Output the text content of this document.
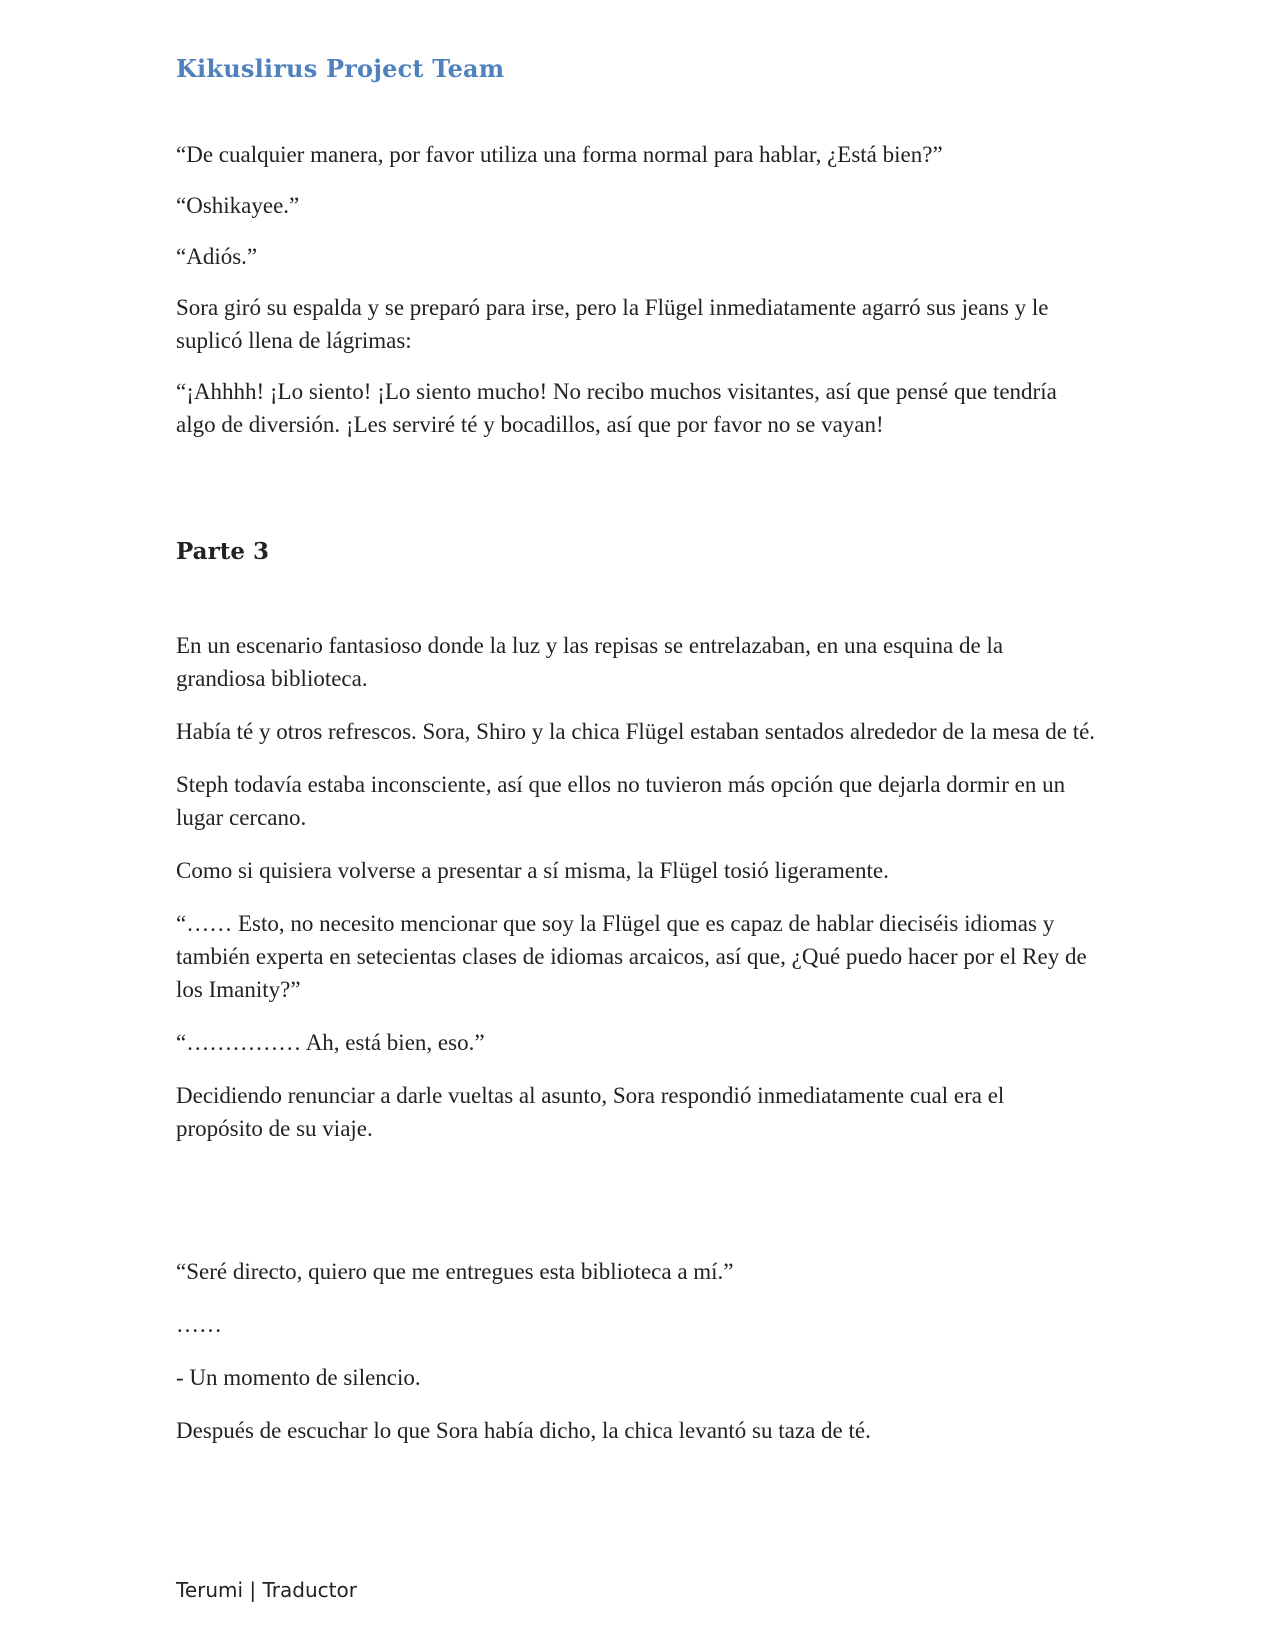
Kikuslirus Project Team

“De cualquier manera, por favor utiliza una forma normal para hablar, ¿Está bien?”

“Oshikayee.”

“Adiós.”

Sora giró su espalda y se preparó para irse, pero la Flügel inmediatamente agarró sus jeans y le suplicó llena de lágrimas:

“¡Ahhhh! ¡Lo siento! ¡Lo siento mucho! No recibo muchos visitantes, así que pensé que tendría algo de diversión. ¡Les serviré té y bocadillos, así que por favor no se vayan!

Parte 3

En un escenario fantasioso donde la luz y las repisas se entrelazaban, en una esquina de la grandiosa biblioteca.

Había té y otros refrescos. Sora, Shiro y la chica Flügel estaban sentados alrededor de la mesa de té.

Steph todavía estaba inconsciente, así que ellos no tuvieron más opción que dejarla dormir en un lugar cercano.

Como si quisiera volverse a presentar a sí misma, la Flügel tosió ligeramente.

“…… Esto, no necesito mencionar que soy la Flügel que es capaz de hablar dieciséis idiomas y también experta en setecientas clases de idiomas arcaicos, así que, ¿Qué puedo hacer por el Rey de los Imanity?”

“…………… Ah, está bien, eso.”

Decidiendo renunciar a darle vueltas al asunto, Sora respondió inmediatamente cual era el propósito de su viaje.

“Seré directo, quiero que me entregues esta biblioteca a mí.”

……

- Un momento de silencio.

Después de escuchar lo que Sora había dicho, la chica levantó su taza de té.

Terumi | Traductor
